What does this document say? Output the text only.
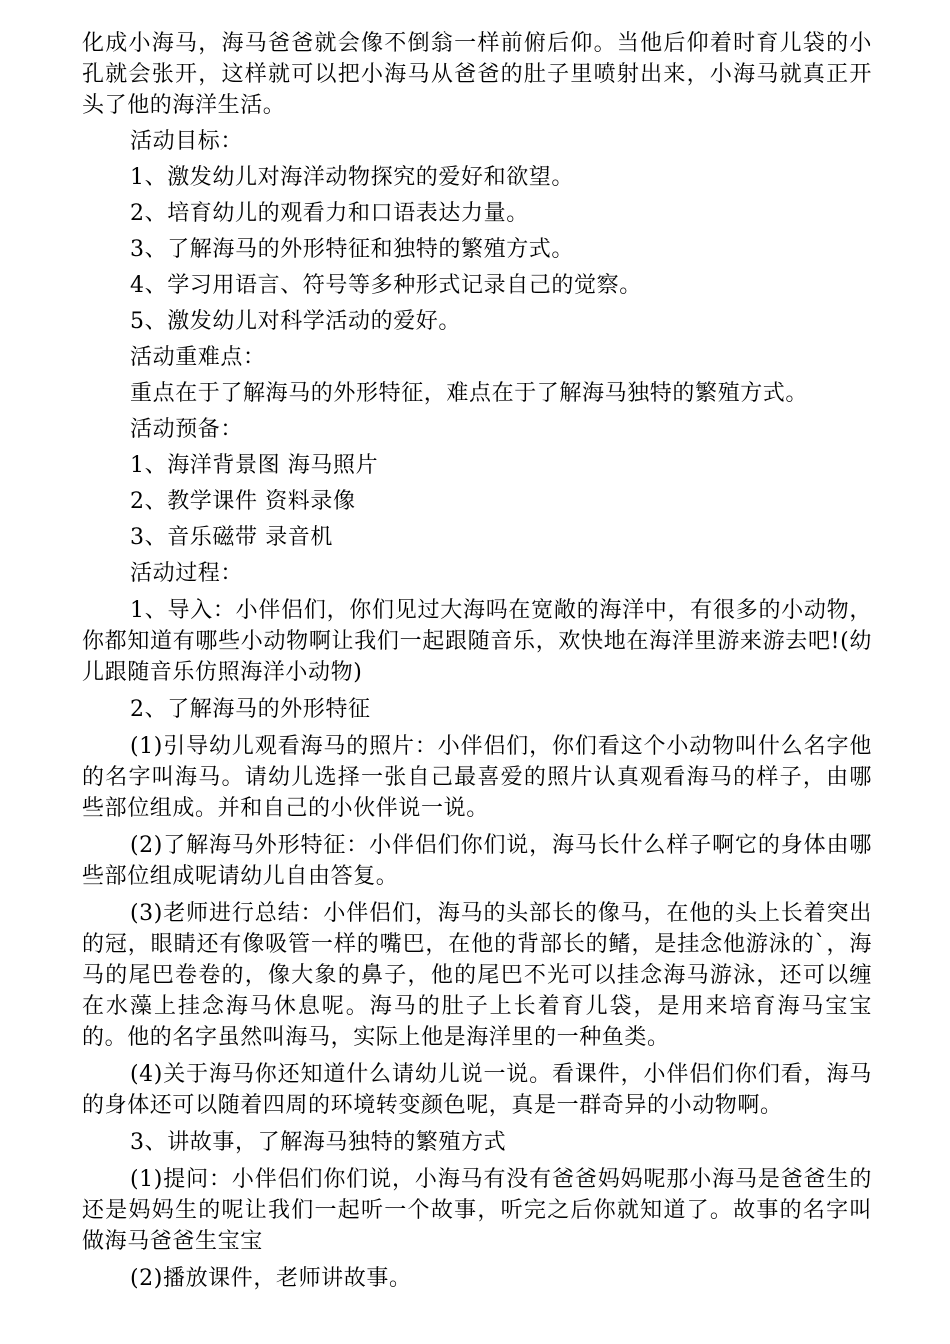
化成小海马，海马爸爸就会像不倒翁一样前俯后仰。当他后仰着时育儿袋的小孔就会张开，这样就可以把小海马从爸爸的肚子里喷射出来，小海马就真正开头了他的海洋生活。

活动目标：

1、激发幼儿对海洋动物探究的爱好和欲望。

2、培育幼儿的观看力和口语表达力量。

3、了解海马的外形特征和独特的繁殖方式。

4、学习用语言、符号等多种形式记录自己的觉察。

5、激发幼儿对科学活动的爱好。

活动重难点：

重点在于了解海马的外形特征，难点在于了解海马独特的繁殖方式。

活动预备：

1、海洋背景图 海马照片

2、教学课件 资料录像

3、音乐磁带 录音机

活动过程：

1、导入：小伴侣们，你们见过大海吗在宽敞的海洋中，有很多的小动物，你都知道有哪些小动物啊让我们一起跟随音乐，欢快地在海洋里游来游去吧!(幼儿跟随音乐仿照海洋小动物)

2、了解海马的外形特征

(1)引导幼儿观看海马的照片：小伴侣们，你们看这个小动物叫什么名字他的名字叫海马。请幼儿选择一张自己最喜爱的照片认真观看海马的样子，由哪些部位组成。并和自己的小伙伴说一说。

(2)了解海马外形特征：小伴侣们你们说，海马长什么样子啊它的身体由哪些部位组成呢请幼儿自由答复。

(3)老师进行总结：小伴侣们，海马的头部长的像马，在他的头上长着突出的冠，眼睛还有像吸管一样的嘴巴，在他的背部长的鳍，是挂念他游泳的`，海马的尾巴卷卷的，像大象的鼻子，他的尾巴不光可以挂念海马游泳，还可以缠在水藻上挂念海马休息呢。海马的肚子上长着育儿袋，是用来培育海马宝宝的。他的名字虽然叫海马，实际上他是海洋里的一种鱼类。

(4)关于海马你还知道什么请幼儿说一说。看课件，小伴侣们你们看，海马的身体还可以随着四周的环境转变颜色呢，真是一群奇异的小动物啊。

3、讲故事，了解海马独特的繁殖方式

(1)提问：小伴侣们你们说，小海马有没有爸爸妈妈呢那小海马是爸爸生的还是妈妈生的呢让我们一起听一个故事，听完之后你就知道了。故事的名字叫做海马爸爸生宝宝

(2)播放课件，老师讲故事。
